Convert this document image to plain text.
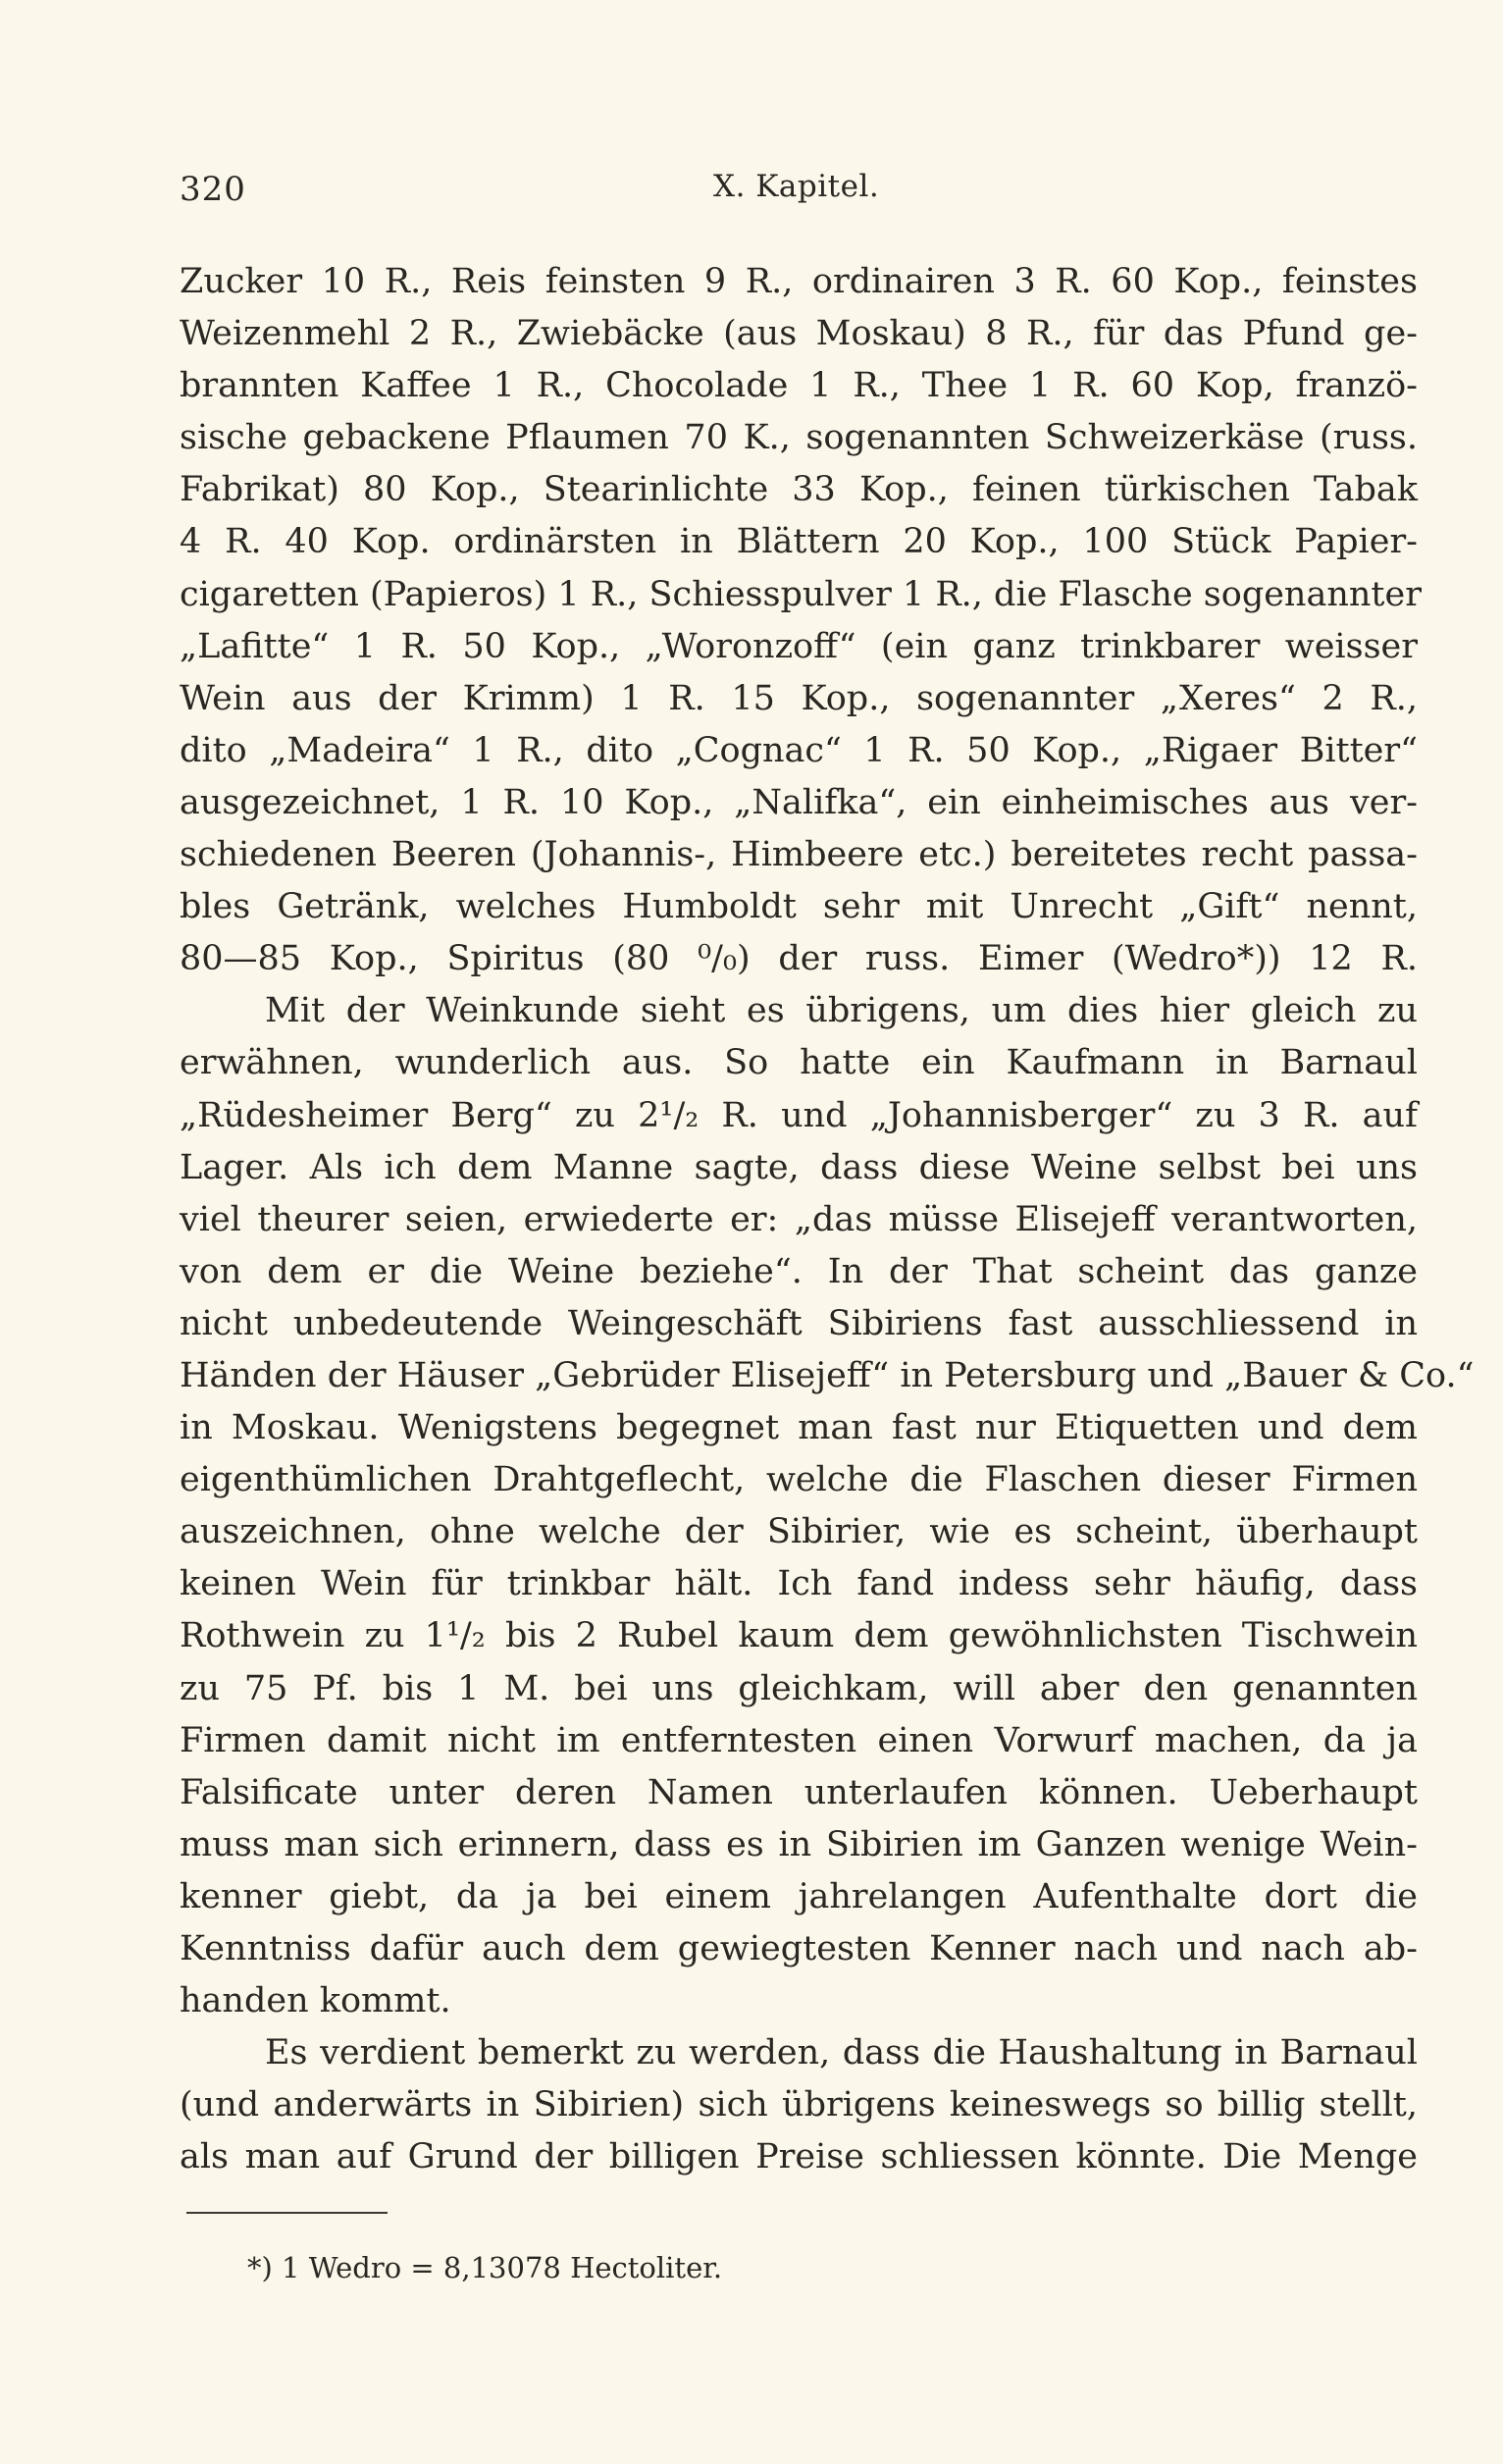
320	X. Kapitel.
Zucker 10 R., Reis feinsten 9 R., ordinairen 3 R. 60 Kop., feinstes
Weizenmehl 2 R., Zwiebäcke (aus Moskau) 8 R., für das Pfund ge-
brannten Kaffee 1 R., Chocolade 1 R., Thee 1 R. 60 Kop, franzö-
sische gebackene Pflaumen 70 K., sogenannten Schweizerkäse (russ.
Fabrikat) 80 Kop., Stearinlichte 33 Kop., feinen türkischen Tabak
4 R. 40 Kop. ordinärsten in Blättern 20 Kop., 100 Stück Papier-
cigaretten (Papieros) 1 R., Schiesspulver 1 R., die Flasche sogenannter
„Lafitte“ 1 R. 50 Kop., „Woronzoff“ (ein ganz trinkbarer weisser
Wein aus der Krimm) 1 R. 15 Kop., sogenannter „Xeres“ 2 R.,
dito „Madeira“ 1 R., dito „Cognac“ 1 R. 50 Kop., „Rigaer Bitter“
ausgezeichnet, 1 R. 10 Kop., „Nalifka“, ein einheimisches aus ver-
schiedenen Beeren (Johannis-, Himbeere etc.) bereitetes recht passa-
bles Getränk, welches Humboldt sehr mit Unrecht „Gift“ nennt,
80—85 Kop., Spiritus (80 ⁰/₀) der russ. Eimer (Wedro*)) 12 R.
Mit der Weinkunde sieht es übrigens, um dies hier gleich zu
erwähnen, wunderlich aus. So hatte ein Kaufmann in Barnaul
„Rüdesheimer Berg“ zu 2¹/₂ R. und „Johannisberger“ zu 3 R. auf
Lager. Als ich dem Manne sagte, dass diese Weine selbst bei uns
viel theurer seien, erwiederte er: „das müsse Elisejeff verantworten,
von dem er die Weine beziehe“. In der That scheint das ganze
nicht unbedeutende Weingeschäft Sibiriens fast ausschliessend in
Händen der Häuser „Gebrüder Elisejeff“ in Petersburg und „Bauer & Co.“
in Moskau. Wenigstens begegnet man fast nur Etiquetten und dem
eigenthümlichen Drahtgeflecht, welche die Flaschen dieser Firmen
auszeichnen, ohne welche der Sibirier, wie es scheint, überhaupt
keinen Wein für trinkbar hält. Ich fand indess sehr häufig, dass
Rothwein zu 1¹/₂ bis 2 Rubel kaum dem gewöhnlichsten Tischwein
zu 75 Pf. bis 1 M. bei uns gleichkam, will aber den genannten
Firmen damit nicht im entferntesten einen Vorwurf machen, da ja
Falsificate unter deren Namen unterlaufen können. Ueberhaupt
muss man sich erinnern, dass es in Sibirien im Ganzen wenige Wein-
kenner giebt, da ja bei einem jahrelangen Aufenthalte dort die
Kenntniss dafür auch dem gewiegtesten Kenner nach und nach ab-
handen kommt.
Es verdient bemerkt zu werden, dass die Haushaltung in Barnaul
(und anderwärts in Sibirien) sich übrigens keineswegs so billig stellt,
als man auf Grund der billigen Preise schliessen könnte. Die Menge
*) 1 Wedro = 8,13078 Hectoliter.
